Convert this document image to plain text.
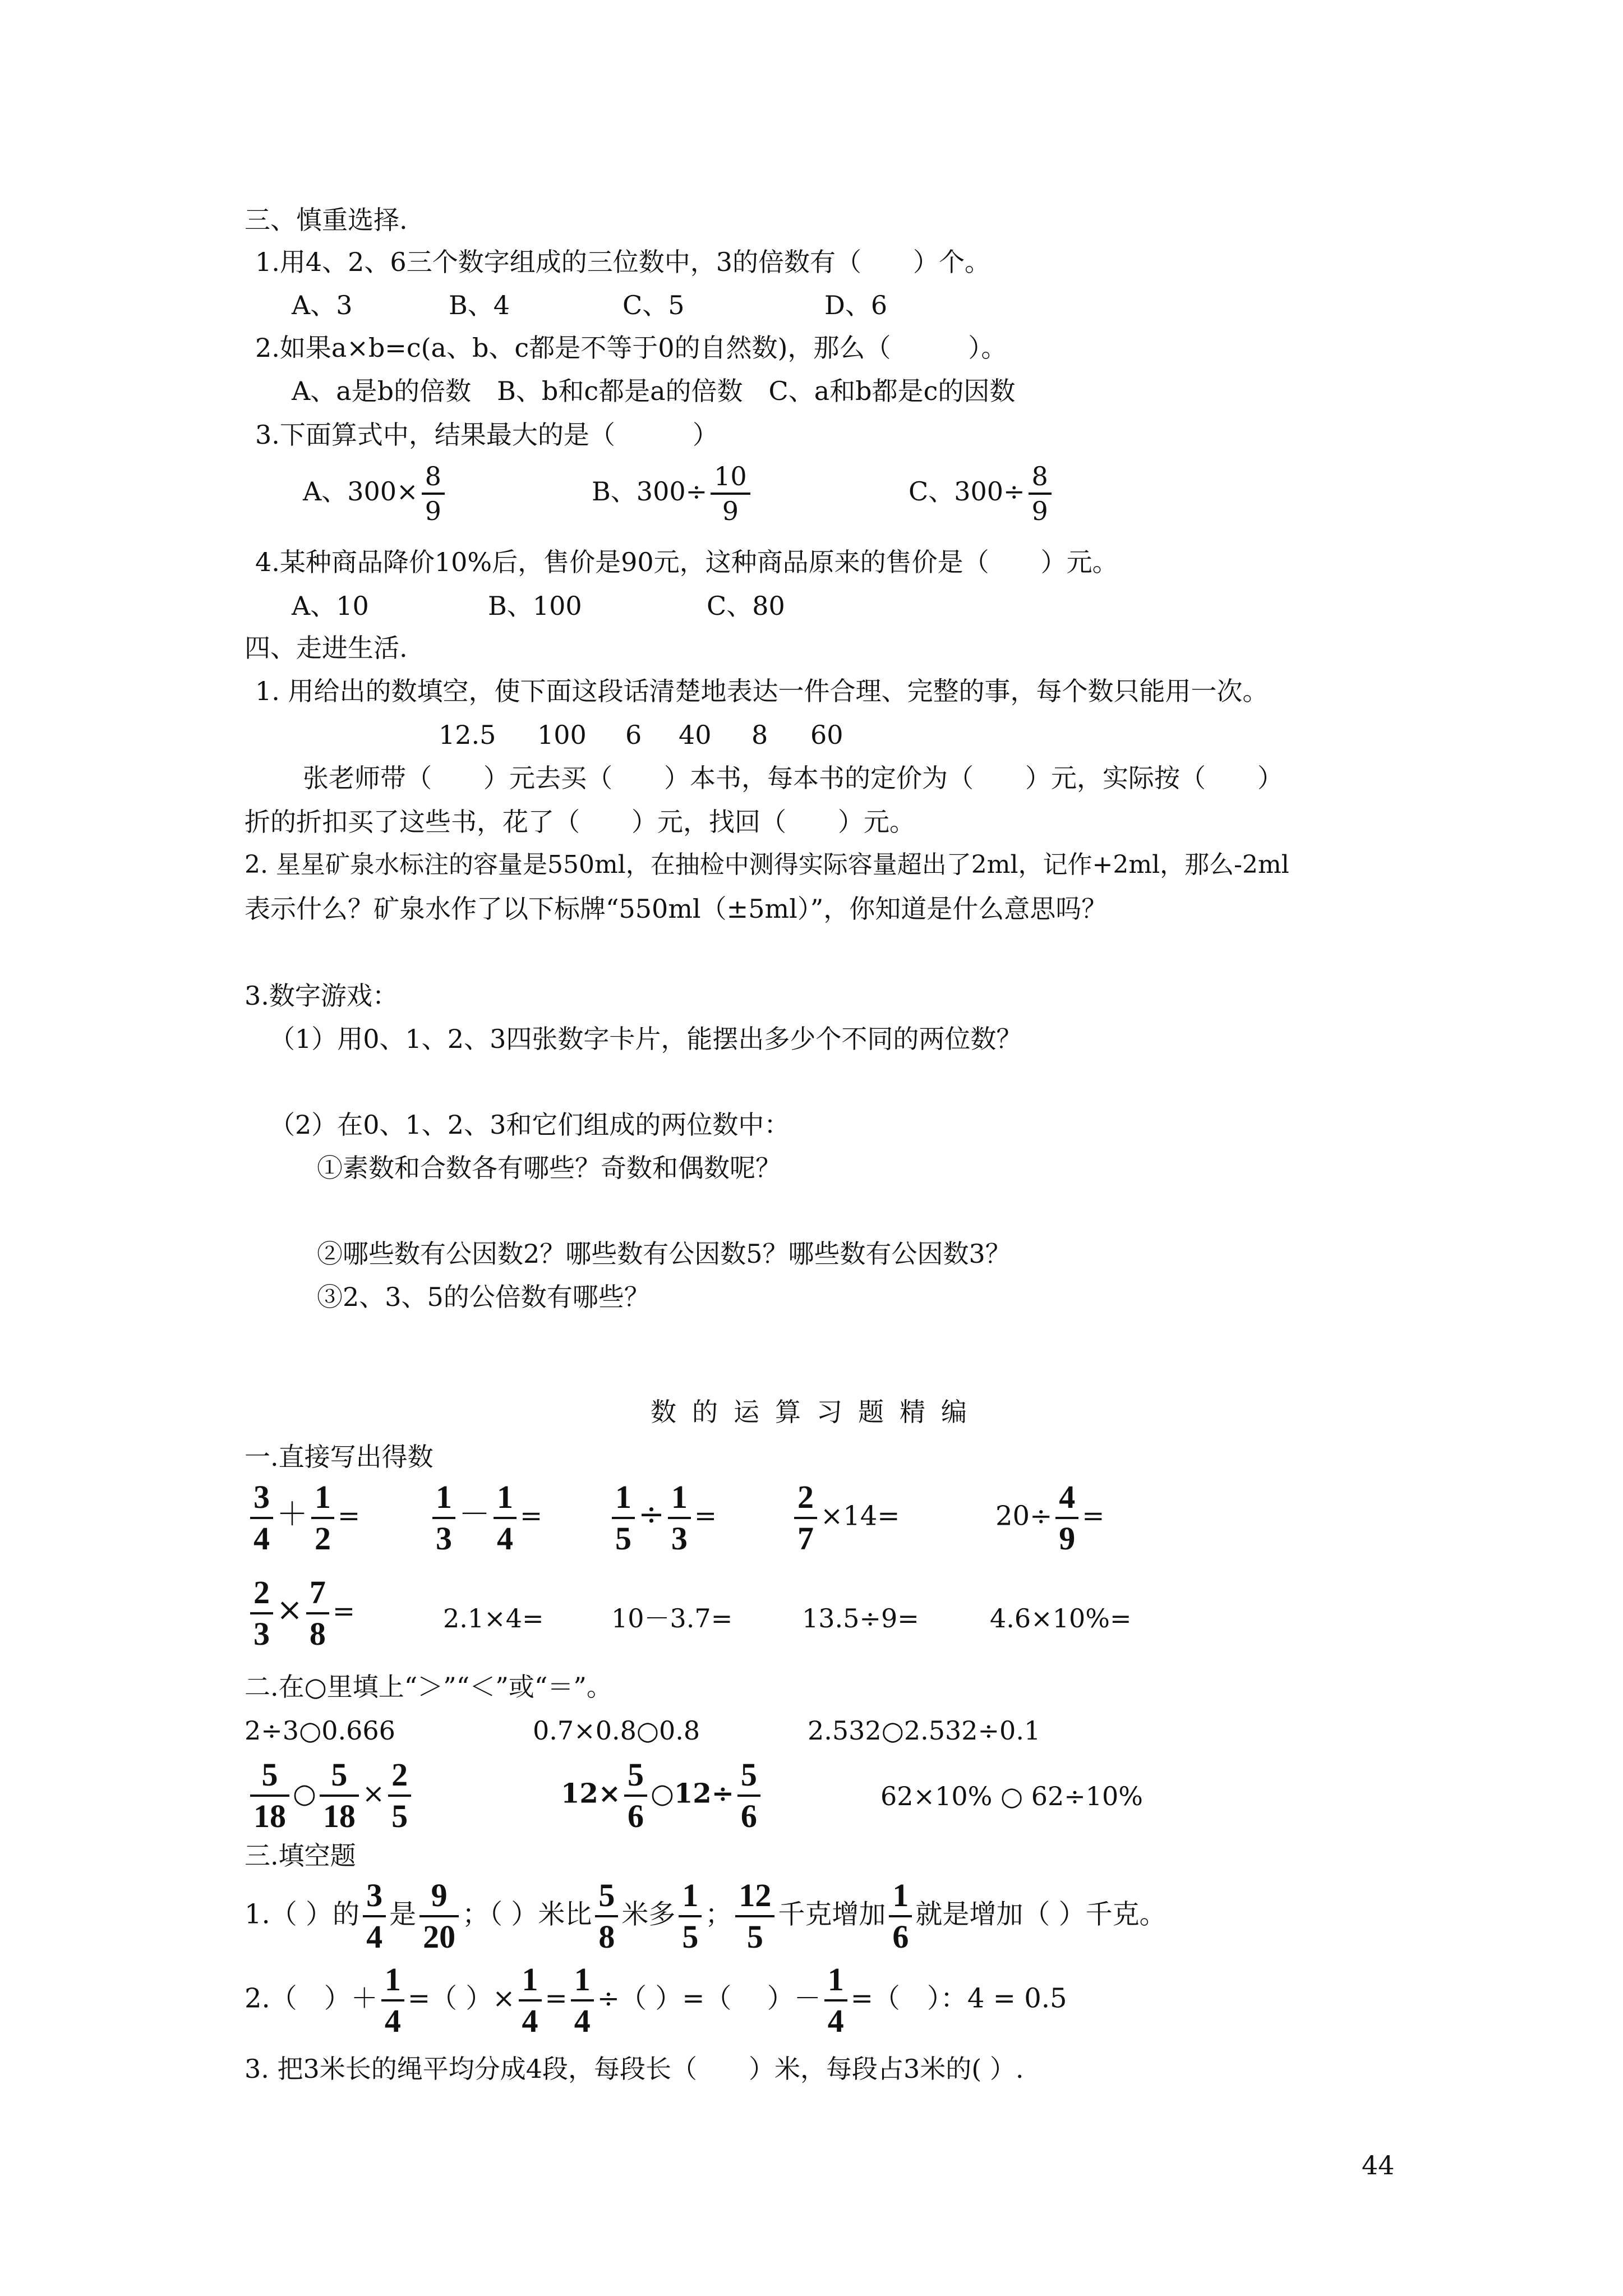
三、慎重选择.
1.用4、2、6三个数字组成的三位数中，3的倍数有（　　）个。
A、3	B、4	C、5	D、6
2.如果a×b=c(a、b、c都是不等于0的自然数)，那么（　　　）。
A、a是b的倍数　B、b和c都是a的倍数　C、a和b都是c的因数
3.下面算式中，结果最大的是（　　　）
A、$300\times \frac{8}{9}$	B、$300\div \frac{10}{9}$	C、$300\div \frac{8}{9}$
4.某种商品降价10%后，售价是90元，这种商品原来的售价是（　　）元。
A、10	B、100	C、80
四、走进生活.
1. 用给出的数填空，使下面这段话清楚地表达一件合理、完整的事，每个数只能用一次。
12.5 100 6 40 8 60
张老师带（　　）元去买（　　）本书，每本书的定价为（　　）元，实际按（　　）
折的折扣买了这些书，花了（　　）元，找回（　　）元。
2. 星星矿泉水标注的容量是550ml，在抽检中测得实际容量超出了2ml，记作+2ml，那么-2ml
表示什么？矿泉水作了以下标牌“550ml（±5ml）”，你知道是什么意思吗？
3.数字游戏：
（1）用0、1、2、3四张数字卡片，能摆出多少个不同的两位数？
（2）在0、1、2、3和它们组成的两位数中：
①素数和合数各有哪些？奇数和偶数呢？
②哪些数有公因数2？哪些数有公因数5？哪些数有公因数3？
③2、3、5的公倍数有哪些？
数的运算习题精编
一.直接写出得数
$\frac{3}{4} + \frac{1}{2} = \frac{1}{3} - \frac{1}{4} = \frac{1}{5} \div \frac{1}{3} = \frac{2}{7} \times 14=$	$20\div \frac{4}{9}$ =
$\frac{2}{3} \times \frac{7}{8}$ =	2.1×4=	10－3.7=	13.5÷9=	4.6×10%=
二.在○里填上“＞”“＜”或“＝”。
2÷3○0.666	0.7×0.8○0.8	2.532○2.532÷0.1
$\frac{5}{18}$ ○ $\frac{5}{18} \times \frac{2}{5}$	$12\times \frac{5}{6}$ ○12÷ $\frac{5}{6}$	62×10% ○ 62÷10%
三.填空题
1.（ ）的 $\frac{3}{4}$ 是 $\frac{9}{20}$ ；（ ）米比 $\frac{5}{8}$ 米多 $\frac{1}{5}$ ； $\frac{12}{5}$ 千克增加 $\frac{1}{6}$ 就是增加（ ）千克。
2.（　）＋ $\frac{1}{4}$ =（ ）× $\frac{1}{4} = \frac{1}{4}$ ÷（ ）=（　 ）－ $\frac{1}{4}$ =（　）：4 = 0.5
3. 把3米长的绳平均分成4段，每段长（　　）米，每段占3米的( ）.
44
